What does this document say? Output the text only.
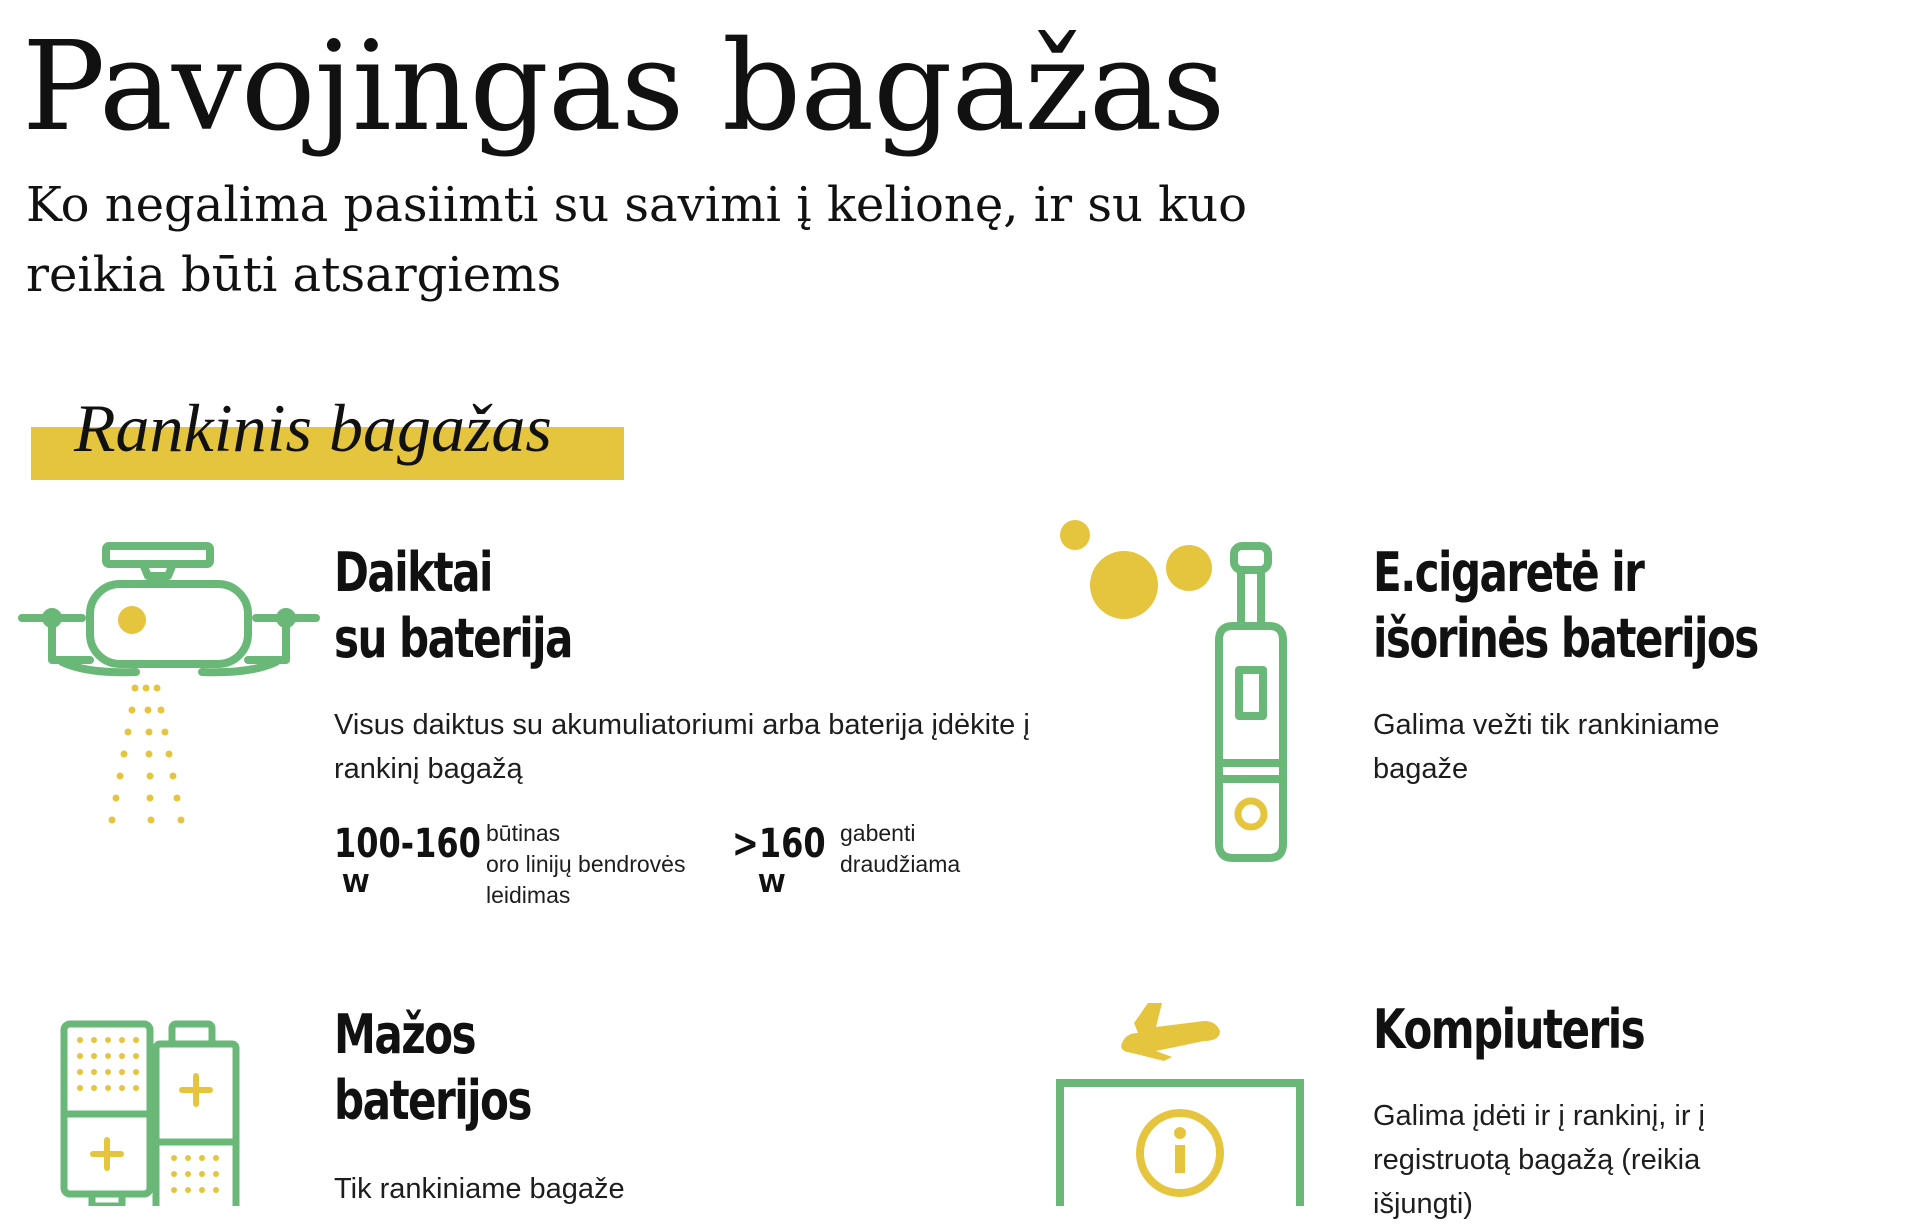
Pavojingas bagažas

Ko negalima pasiimti su savimi į kelionę, ir su kuo reikia būti atsargiems

Rankinis bagažas
Daiktai
su baterija
Visus daiktus su akumuliatoriumi arba baterija įdėkite į rankinį bagažą
100-160
W
būtinas
oro linijų bendrovės
leidimas
>160
W
gabenti
draudžiama
E.cigaretė ir
išorinės baterijos
Galima vežti tik rankiniame bagaže
Mažos
baterijos
Tik rankiniame bagaže
Kompiuteris
Galima įdėti ir į rankinį, ir į registruotą bagažą (reikia išjungti)
